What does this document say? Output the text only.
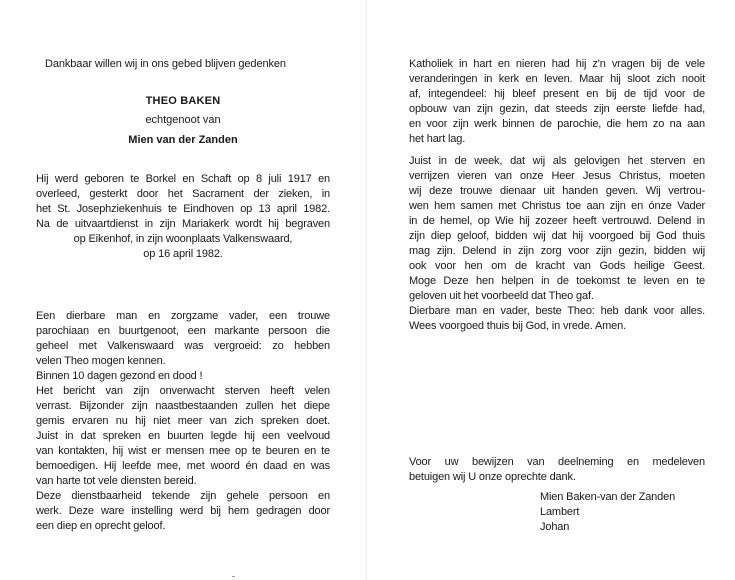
Dankbaar willen wij in ons gebed blijven gedenken
THEO BAKEN
echtgenoot van
Mien van der Zanden
Hij werd geboren te Borkel en Schaft op 8 juli 1917 en
overleed, gesterkt door het Sacrament der zieken, in
het St. Josephziekenhuis te Eindhoven op 13 april 1982.
Na de uitvaartdienst in zijn Mariakerk wordt hij begraven
op Eikenhof, in zijn woonplaats Valkenswaard,
op 16 april 1982.
Een dierbare man en zorgzame vader, een trouwe
parochiaan en buurtgenoot, een markante persoon die
geheel met Valkenswaard was vergroeid: zo hebben
velen Theo mogen kennen.
Binnen 10 dagen gezond en dood !
Het bericht van zijn onverwacht sterven heeft velen
verrast. Bijzonder zijn naastbestaanden zullen het diepe
gemis ervaren nu hij niet meer van zich spreken doet.
Juist in dat spreken en buurten legde hij een veelvoud
van kontakten, hij wist er mensen mee op te beuren en te
bemoedigen. Hij leefde mee, met woord én daad en was
van harte tot vele diensten bereid.
Deze dienstbaarheid tekende zijn gehele persoon en
werk. Deze ware instelling werd bij hem gedragen door
een diep en oprecht geloof.
Katholiek in hart en nieren had hij z'n vragen bij de vele
veranderingen in kerk en leven. Maar hij sloot zich nooit
af, integendeel: hij bleef present en bij de tijd voor de
opbouw van zijn gezin, dat steeds zijn eerste liefde had,
en voor zijn werk binnen de parochie, die hem zo na aan
het hart lag.
Juist in de week, dat wij als gelovigen het sterven en
verrijzen vieren van onze Heer Jesus Christus, moeten
wij deze trouwe dienaar uit handen geven. Wij vertrou-
wen hem samen met Christus toe aan zijn en ónze Vader
in de hemel, op Wie hij zozeer heeft vertrouwd. Delend in
zijn diep geloof, bidden wij dat hij voorgoed bij God thuis
mag zijn. Delend in zijn zorg voor zijn gezin, bidden wij
ook voor hen om de kracht van Gods heilige Geest.
Moge Deze hen helpen in de toekomst te leven en te
geloven uit het voorbeeld dat Theo gaf.
Dierbare man en vader, beste Theo: heb dank voor alles.
Wees voorgoed thuis bij God, in vrede. Amen.
Voor uw bewijzen van deelneming en medeleven
betuigen wij U onze oprechte dank.
Mien Baken-van der Zanden
Lambert
Johan
